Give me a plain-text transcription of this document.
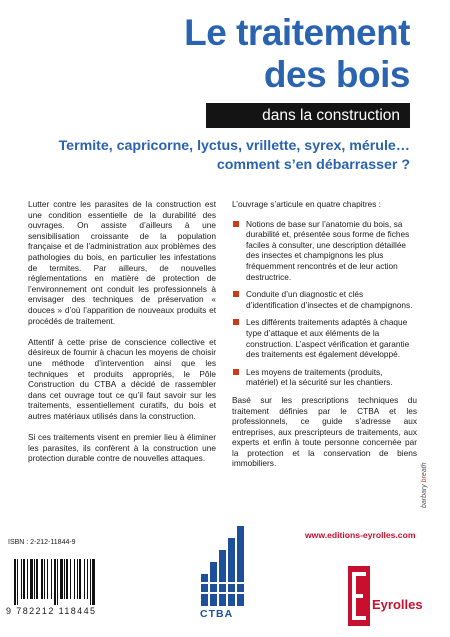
Le traitement
des bois
dans la construction
Termite, capricorne, lyctus, vrillette, syrex, mérule…
comment s’en débarrasser ?

Lutter contre les parasites de la construction est une condition essentielle de la durabilité des ouvrages. On assiste d’ailleurs à une sensibilisation croissante de la population française et de l’administration aux problèmes des pathologies du bois, en particulier les infestations de termites. Par ailleurs, de nouvelles réglementations en matière de protection de l’environnement ont conduit les professionnels à envisager des techniques de préservation « douces » d’où l’apparition de nouveaux produits et procédés de traitement.

Attentif à cette prise de conscience collective et désireux de fournir à chacun les moyens de choisir une méthode d’intervention ainsi que les techniques et produits appropriés, le Pôle Construction du CTBA a décidé de rassembler dans cet ouvrage tout ce qu’il faut savoir sur les traitements, essentiellement curatifs, du bois et autres matériaux utilisés dans la construction.

Si ces traitements visent en premier lieu à éliminer les parasites, ils confèrent à la construction une protection durable contre de nouvelles attaques.

L’ouvrage s’articule en quatre chapitres :
Notions de base sur l’anatomie du bois, sa durabilité et, présentée sous forme de fiches faciles à consulter, une description détaillée des insectes et champignons les plus fréquemment rencontrés et de leur action destructrice.
Conduite d’un diagnostic et clés d’identification d’insectes et de champignons.
Les différents traitements adaptés à chaque type d’attaque et aux éléments de la construction. L’aspect vérification et garantie des traitements est également développé.
Les moyens de traitements (produits, matériel) et la sécurité sur les chantiers.
Basé sur les prescriptions techniques du traitement définies par le CTBA et les professionnels, ce guide s’adresse aux entreprises, aux prescripteurs de traitements, aux experts et enfin à toute personne concernée par la protection et la conservation de biens immobiliers.
barbary breath
www.editions-eyrolles.com
ISBN : 2-212-11844-9
9 782212 118445	CTBA
Eyrolles
